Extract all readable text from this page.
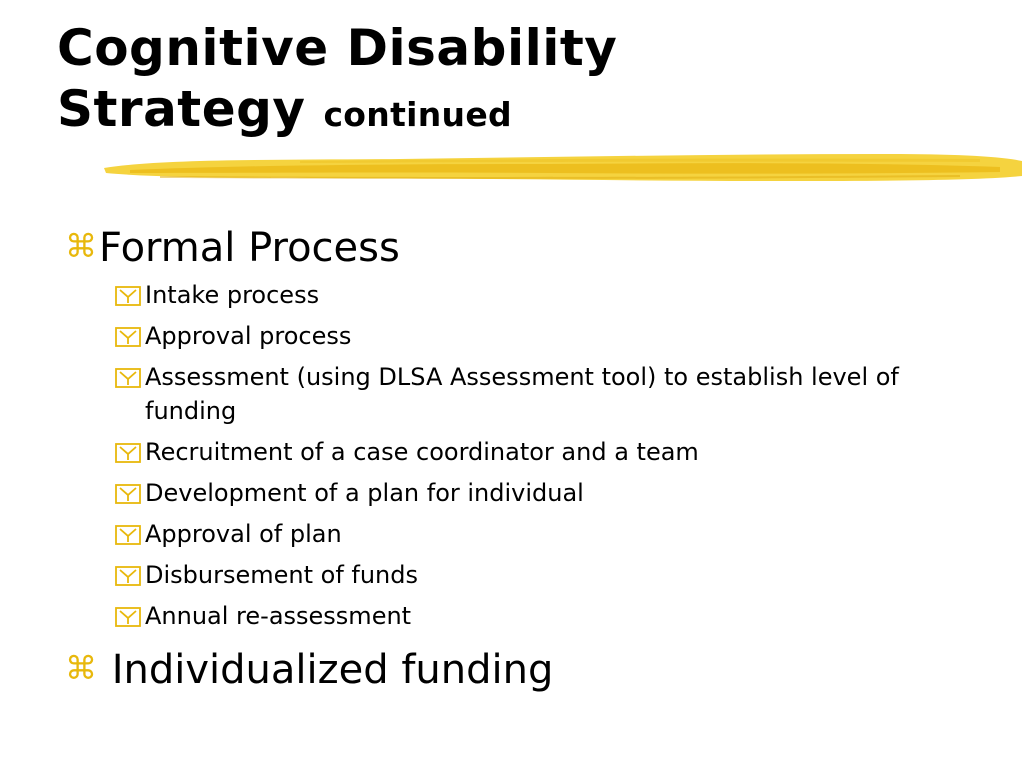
Cognitive Disability
Strategy continued
⌘Formal Process
Intake process
Approval process
Assessment (using DLSA Assessment tool) to establish level of funding
Recruitment of a case coordinator and a team
Development of a plan for individual
Approval of plan
Disbursement of funds
Annual re-assessment
⌘ Individualized funding
